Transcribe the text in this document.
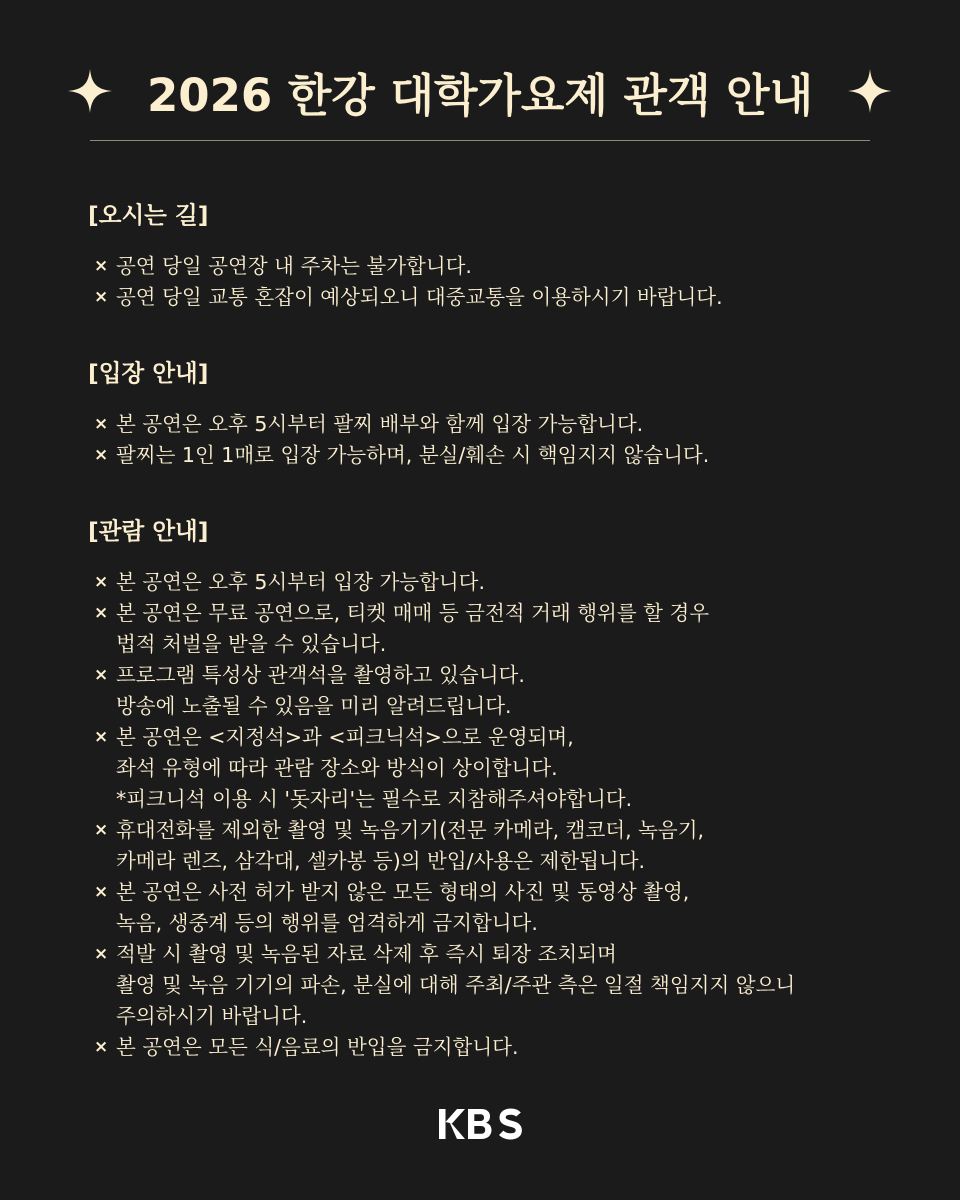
2026 한강 대학가요제 관객 안내
[오시는 길]
× 공연 당일 공연장 내 주차는 불가합니다.
× 공연 당일 교통 혼잡이 예상되오니 대중교통을 이용하시기 바랍니다.
[입장 안내]
× 본 공연은 오후 5시부터 팔찌 배부와 함께 입장 가능합니다.
× 팔찌는 1인 1매로 입장 가능하며, 분실/훼손 시 핵임지지 않습니다.
[관람 안내]
× 본 공연은 오후 5시부터 입장 가능합니다.
× 본 공연은 무료 공연으로, 티켓 매매 등 금전적 거래 행위를 할 경우
법적 처벌을 받을 수 있습니다.
× 프로그램 특성상 관객석을 촬영하고 있습니다.
방송에 노출될 수 있음을 미리 알려드립니다.
× 본 공연은 <지정석>과 <피크닉석>으로 운영되며,
좌석 유형에 따라 관람 장소와 방식이 상이합니다.
*피크니석 이용 시 '돗자리'는 필수로 지참해주셔야합니다.
× 휴대전화를 제외한 촬영 및 녹음기기(전문 카메라, 캠코더, 녹음기,
카메라 렌즈, 삼각대, 셀카봉 등)의 반입/사용은 제한됩니다.
× 본 공연은 사전 허가 받지 않은 모든 형태의 사진 및 동영상 촬영,
녹음, 생중계 등의 행위를 엄격하게 금지합니다.
× 적발 시 촬영 및 녹음된 자료 삭제 후 즉시 퇴장 조치되며
촬영 및 녹음 기기의 파손, 분실에 대해 주최/주관 측은 일절 책임지지 않으니
주의하시기 바랍니다.
× 본 공연은 모든 식/음료의 반입을 금지합니다.
